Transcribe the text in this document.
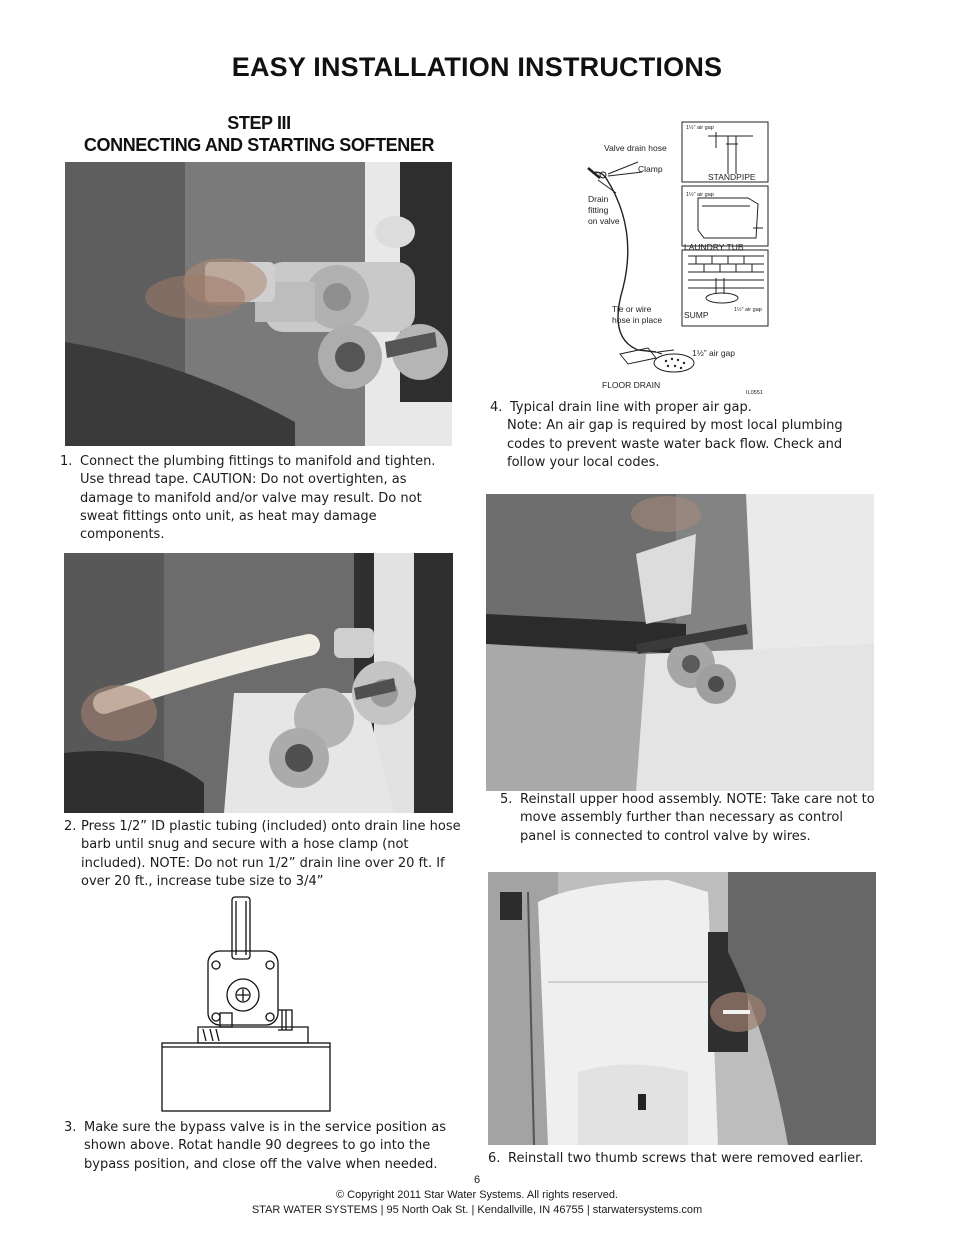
EASY INSTALLATION INSTRUCTIONS
STEP III
CONNECTING AND STARTING SOFTENER
1. Connect the plumbing fittings to manifold and tighten. Use thread tape. CAUTION: Do not overtighten, as damage to manifold and/or valve may result. Do not sweat fittings onto unit, as heat may damage components.
2. Press 1/2” ID plastic tubing (included) onto drain line hose barb until snug and secure with a hose clamp (not included). NOTE: Do not run 1/2” drain line over 20 ft. If over 20 ft., increase tube size to 3/4”
3. Make sure the bypass valve is in the service position as shown above. Rotat handle 90 degrees to go into the bypass position, and close off the valve when needed.
Valve drain hose
Clamp
Drain
fitting
on valve
Tie or wire
hose in place
1½” air gap
FLOOR DRAIN
STANDPIPE
LAUNDRY TUB
SUMP
1½” air gap
1½” air gap
1½” air gap
IL0551
4. Typical drain line with proper air gap.
Note: An air gap is required by most local plumbing codes to prevent waste water back flow. Check and follow your local codes.
5. Reinstall upper hood assembly. NOTE: Take care not to move assembly further than necessary as control panel is connected to control valve by wires.
6. Reinstall two thumb screws that were removed earlier.
6
© Copyright 2011 Star Water Systems. All rights reserved.
STAR WATER SYSTEMS | 95 North Oak St. | Kendallville, IN 46755 | starwatersystems.com
